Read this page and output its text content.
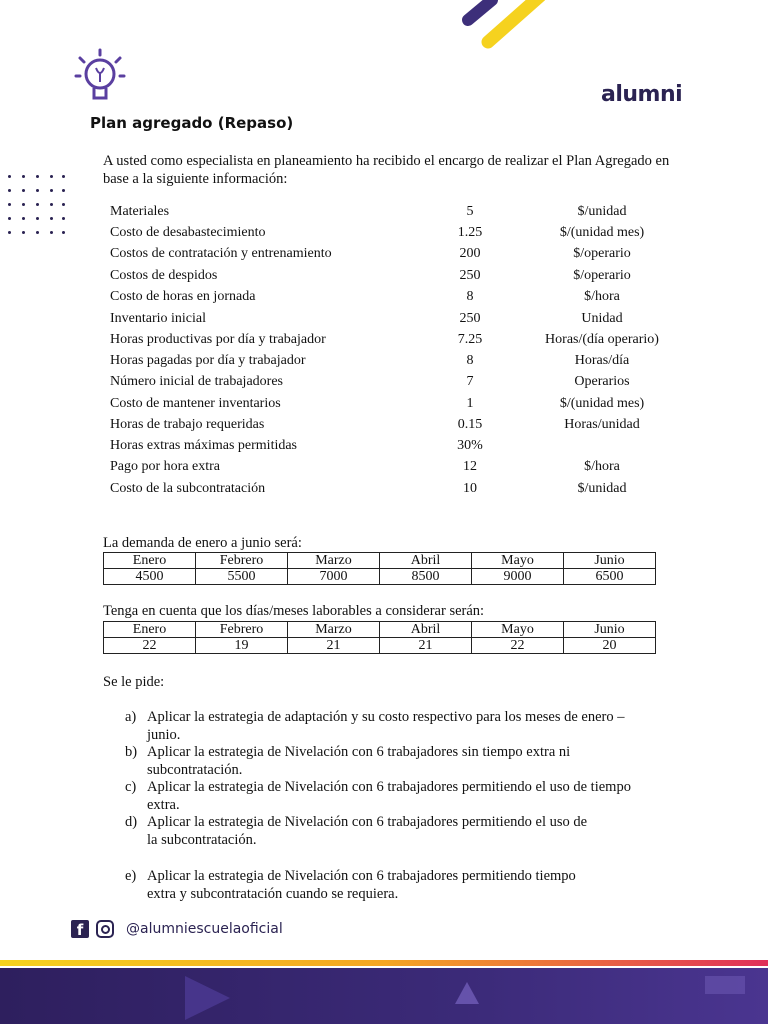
alumni
Plan agregado (Repaso)
A usted como especialista en planeamiento ha recibido el encargo de realizar el Plan Agregado en base a la siguiente información:
Materiales	5	$/unidad
Costo de desabastecimiento	1.25	$/(unidad mes)
Costos de contratación y entrenamiento	200	$/operario
Costos de despidos	250	$/operario
Costo de horas en jornada	8	$/hora
Inventario inicial	250	Unidad
Horas productivas por día y trabajador	7.25	Horas/(día operario)
Horas pagadas por día y trabajador	8	Horas/día
Número inicial de trabajadores	7	Operarios
Costo de mantener inventarios	1	$/(unidad mes)
Horas de trabajo requeridas	0.15	Horas/unidad
Horas extras máximas permitidas	30%
Pago por hora extra	12	$/hora
Costo de la subcontratación	10	$/unidad
La demanda de enero a junio será:
Enero	Febrero	Marzo	Abril	Mayo	Junio
4500	5500	7000	8500	9000	6500
Tenga en cuenta que los días/meses laborables a considerar serán:
Enero	Febrero	Marzo	Abril	Mayo	Junio
22	19	21	21	22	20
Se le pide:
a) Aplicar la estrategia de adaptación y su costo respectivo para los meses de enero – junio.
b) Aplicar la estrategia de Nivelación con 6 trabajadores sin tiempo extra ni subcontratación.
c) Aplicar la estrategia de Nivelación con 6 trabajadores permitiendo el uso de tiempo extra.
d) Aplicar la estrategia de Nivelación con 6 trabajadores permitiendo el uso de la subcontratación.
e) Aplicar la estrategia de Nivelación con 6 trabajadores permitiendo tiempo extra y subcontratación cuando se requiera.
f	@alumniescuelaoficial
